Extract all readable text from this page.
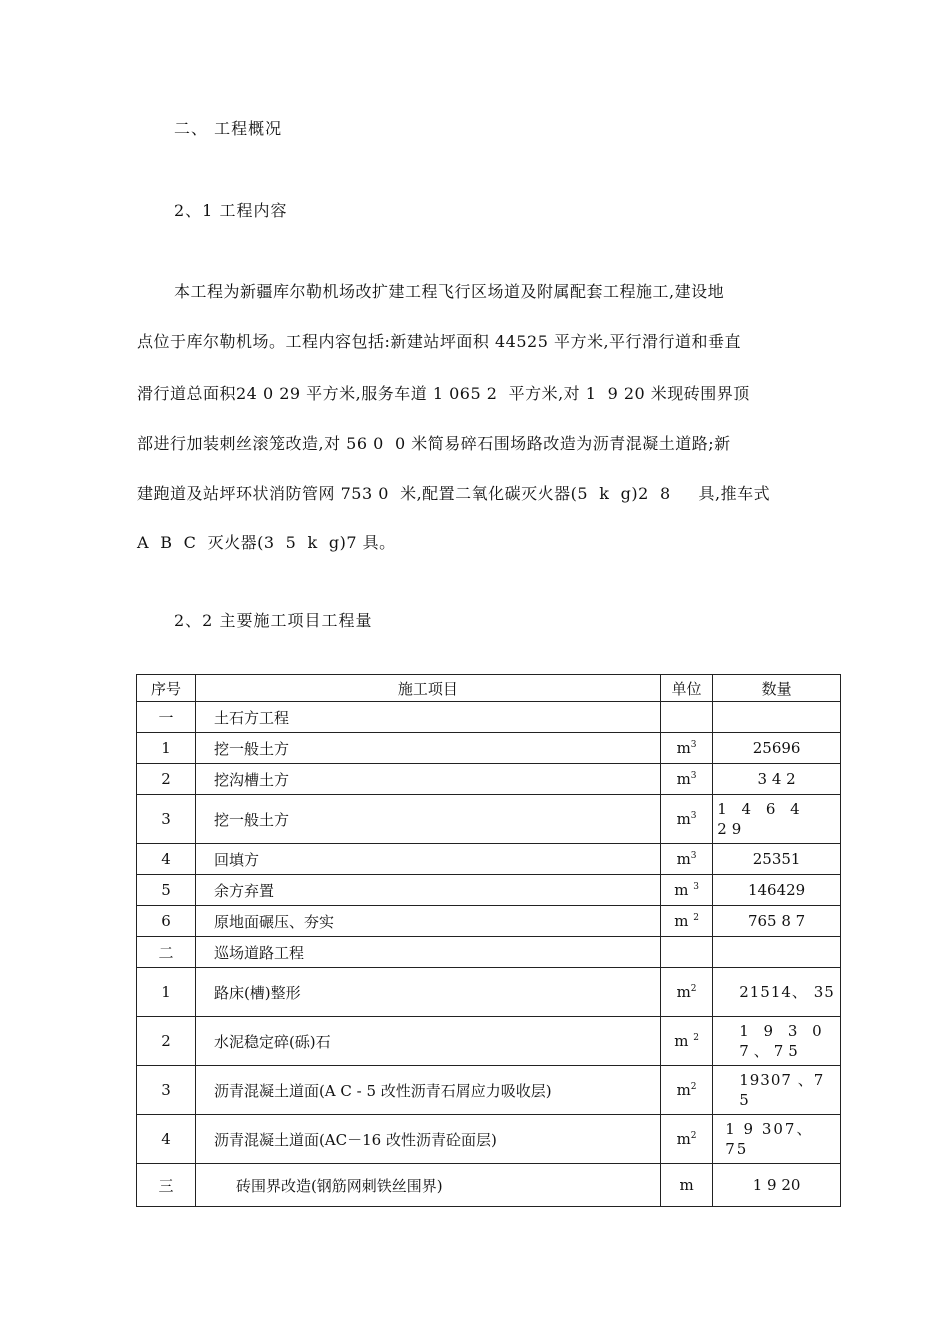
二、 工程概况
2、1 工程内容
本工程为新疆库尔勒机场改扩建工程飞行区场道及附属配套工程施工,建设地
点位于库尔勒机场。工程内容包括:新建站坪面积 44525 平方米,平行滑行道和垂直
滑行道总面积24 0 29 平方米,服务车道 1 065 2  平方米,对 1  9 20 米现砖围界顶
部进行加装刺丝滚笼改造,对 56 0  0 米简易碎石围场路改造为沥青混凝土道路;新
建跑道及站坪环状消防管网 753 0  米,配置二氧化碳灭火器(5  k  g)2  8     具,推车式
A  B  C  灭火器(3  5  k  g)7 具。
2、2 主要施工项目工程量
序号	施工项目	单位	数量
一	土石方工程		
1	挖一般土方	$m^3$	25696
2	挖沟槽土方	$m^3$	3 4 2
3	挖一般土方	$m^3$	1 4 6 4 29
4	回填方	$m^3$	25351
5	余方弃置	m $^3$	146429
6	原地面碾压、夯实	m $^2$	765 8 7
二	巡场道路工程		
1	路床(槽)整形	$m^2$	21514、 35
2	水泥稳定碎(砾)石	m $^2$	1 9 3 0 7、75
3	沥青混凝土道面(A C - 5 改性沥青石屑应力吸收层)	$m^2$	19307 、7 5
4	沥青混凝土道面(AC－16 改性沥青砼面层)	$m^2$	1 9 307、75
三	砖围界改造(钢筋网刺铁丝围界)	m	1 9 20
